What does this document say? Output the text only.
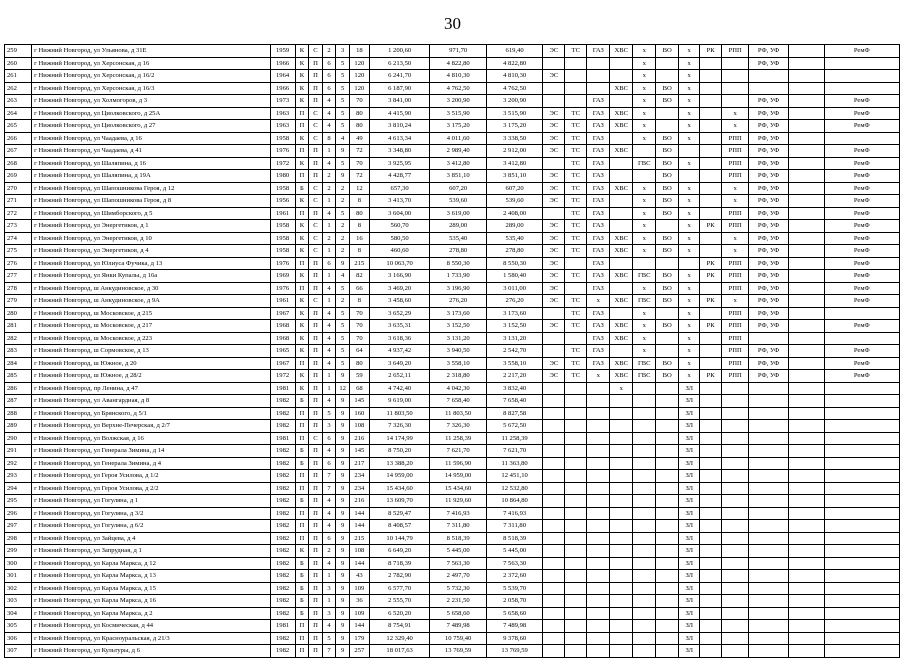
30
259	г Нижний Новгород, ул Ульянова, д 31Е	1959	К	С	2	3	18	1 200,60	971,70	619,40	ЭС	ТС	ГАЗ	ХВС	х	ВО	х	РК	РПП	РФ, УФ		РемФ
260	г Нижний Новгород, ул Херсонская, д 16	1966	К	П	6	5	120	6 213,50	4 822,80	4 822,80					х		х			РФ, УФ		
261	г Нижний Новгород, ул Херсонская, д 16/2	1964	К	П	6	5	120	6 241,70	4 810,30	4 810,30	ЭС				х		х					
262	г Нижний Новгород, ул Херсонская, д 16/3	1966	К	П	6	5	120	6 187,90	4 762,50	4 762,50				ХВС	х	ВО	х					
263	г Нижний Новгород, ул Холмогоров, д 3	1973	К	П	4	5	70	3 841,00	3 200,90	3 200,90			ГАЗ		х	ВО	х			РФ, УФ		РемФ
264	г Нижний Новгород, ул Циолковского, д 25А	1963	П	С	4	5	80	4 415,90	3 515,90	3 515,90	ЭС	ТС	ГАЗ	ХВС	х		х		х	РФ, УФ		РемФ
265	г Нижний Новгород, ул Циолковского, д 27	1963	П	С	4	5	80	3 810,24	3 175,20	3 175,20	ЭС	ТС	ГАЗ	ХВС	х		х		х	РФ, УФ		РемФ
266	г Нижний Новгород, ул Чаадаева, д 16	1958	К	С	8	4	49	4 613,34	4 011,60	3 338,50	ЭС	ТС	ГАЗ		х	ВО	х		РПП	РФ, УФ		
267	г Нижний Новгород, ул Чаадаева, д 41	1976	П	П	1	9	72	3 348,80	2 989,40	2 912,00	ЭС	ТС	ГАЗ	ХВС		ВО			РПП	РФ, УФ		РемФ
268	г Нижний Новгород, ул Шаляпина, д 16	1972	К	П	4	5	70	3 925,95	3 412,80	3 412,80		ТС	ГАЗ		ГВС	ВО	х		РПП	РФ, УФ		РемФ
269	г Нижний Новгород, ул Шаляпина, д 19А	1980	П	П	2	9	72	4 428,77	3 851,10	3 851,10	ЭС	ТС	ГАЗ			ВО			РПП	РФ, УФ		РемФ
270	г Нижний Новгород, ул Шапошникова Героя, д 12	1958	Б	С	2	2	12	657,30	607,20	607,20	ЭС	ТС	ГАЗ	ХВС	х	ВО	х		х	РФ, УФ		РемФ
271	г Нижний Новгород, ул Шапошникова Героя, д 8	1956	К	С	1	2	8	3 413,70	539,60	539,60	ЭС	ТС	ГАЗ		х	ВО	х		х	РФ, УФ		РемФ
272	г Нижний Новгород, ул Шимборского, д 5	1961	П	П	4	5	80	3 604,00	3 619,00	2 408,00		ТС	ГАЗ		х	ВО	х		РПП	РФ, УФ		РемФ
273	г Нижний Новгород, ул Энергетиков, д 1	1958	К	С	1	2	8	560,70	289,00	289,00	ЭС	ТС	ГАЗ		х		х	РК	РПП	РФ, УФ		РемФ
274	г Нижний Новгород, ул Энергетиков, д 10	1958	К	С	2	2	16	580,50	535,40	535,40	ЭС	ТС	ГАЗ	ХВС	х	ВО	х		х	РФ, УФ		РемФ
275	г Нижний Новгород, ул Энергетиков, д 4	1958	К	С	1	2	8	460,60	278,80	278,80	ЭС	ТС	ГАЗ	ХВС	х	ВО	х		х	РФ, УФ		РемФ
276	г Нижний Новгород, ул Юлиуса Фучика, д 13	1976	П	П	6	9	215	10 063,70	8 550,30	8 550,30	ЭС		ГАЗ					РК	РПП	РФ, УФ		РемФ
277	г Нижний Новгород, ул Янки Купалы, д 16а	1969	К	П	1	4	82	3 166,90	1 733,90	1 580,40	ЭС	ТС	ГАЗ	ХВС	ГВС	ВО	х	РК	РПП	РФ, УФ		РемФ
278	г Нижний Новгород, ш Анкудиновское, д 30	1976	П	П	4	5	66	3 469,20	3 196,90	3 011,00	ЭС		ГАЗ		х	ВО	х		РПП	РФ, УФ		РемФ
279	г Нижний Новгород, ш Анкудиновское, д 9А	1961	К	С	1	2	8	3 458,60	276,20	276,20	ЭС	ТС	х	ХВС	ГВС	ВО	х	РК	х	РФ, УФ		РемФ
280	г Нижний Новгород, ш Московское, д 215	1967	К	П	4	5	70	3 652,29	3 173,60	3 173,60		ТС	ГАЗ		х		х		РПП	РФ, УФ		
281	г Нижний Новгород, ш Московское, д 217	1968	К	П	4	5	70	3 635,31	3 152,50	3 152,50	ЭС	ТС	ГАЗ	ХВС	х	ВО	х	РК	РПП	РФ, УФ		РемФ
282	г Нижний Новгород, ш Московское, д 223	1968	К	П	4	5	70	3 618,36	3 131,20	3 131,20			ГАЗ	ХВС	х		х		РПП			
283	г Нижний Новгород, ш Сормовское, д 13	1965	К	П	4	5	64	4 937,42	3 940,50	2 542,70		ТС	ГАЗ		х		х		РПП	РФ, УФ		РемФ
284	г Нижний Новгород, ш Южное, д 20	1967	П	П	4	5	80	3 649,20	3 558,10	3 558,10	ЭС	ТС	ГАЗ	ХВС	ГВС	ВО	х		РПП	РФ, УФ		РемФ
285	г Нижний Новгород, ш Южное, д 28/2	1972	К	П	1	9	59	2 652,11	2 318,80	2 217,20	ЭС	ТС	х	ХВС	ГВС	ВО	х	РК	РПП	РФ, УФ		РемФ
286	г Нижний Новгород, пр Ленина, д 47	1981	К	П	1	12	68	4 742,40	4 042,30	3 832,40				х			ЗЛ					
287	г Нижний Новгород, ул Авангардная, д 8	1982	Б	П	4	9	145	9 619,00	7 658,40	7 658,40							ЗЛ					
288	г Нижний Новгород, ул Брянского, д 5/1	1982	П	П	5	9	160	11 803,50	11 803,50	8 827,58							ЗЛ					
289	г Нижний Новгород, ул Верхне-Печерская, д 2/7	1982	П	П	3	9	108	7 326,30	7 326,30	5 672,50							ЗЛ					
290	г Нижний Новгород, ул Волжская, д 16	1981	П	С	6	9	216	14 174,99	11 258,39	11 258,39							ЗЛ					
291	г Нижний Новгород, ул Генерала Зимина, д 14	1982	Б	П	4	9	145	8 750,20	7 621,70	7 621,70							ЗЛ					
292	г Нижний Новгород, ул Генерала Зимина, д 4	1982	Б	П	6	9	217	13 388,20	11 596,90	11 363,80							ЗЛ					
293	г Нижний Новгород, ул Героя Усилова, д 1/2	1982	П	П	7	9	234	14 959,00	14 959,00	12 451,10							ЗЛ					
294	г Нижний Новгород, ул Героя Усилова, д 2/2	1982	П	П	7	9	234	15 434,60	15 434,60	12 532,80							ЗЛ					
295	г Нижний Новгород, ул Гогуляна, д 1	1982	Б	П	4	9	216	13 609,70	11 929,60	10 864,80							ЗЛ					
296	г Нижний Новгород, ул Гогуляна, д 3/2	1982	П	П	4	9	144	8 529,47	7 416,93	7 416,93							ЗЛ					
297	г Нижний Новгород, ул Гогуляна, д 6/2	1982	П	П	4	9	144	8 408,57	7 311,80	7 311,80							ЗЛ					
298	г Нижний Новгород, ул Зайцева, д 4	1982	П	П	6	9	215	10 144,79	8 518,39	8 518,39							ЗЛ					
299	г Нижний Новгород, ул Запрудная, д 1	1982	К	П	2	9	108	6 649,20	5 445,00	5 445,00							ЗЛ					
300	г Нижний Новгород, ул Карла Маркса, д 12	1982	Б	П	4	9	144	8 718,39	7 563,30	7 563,30							ЗЛ					
301	г Нижний Новгород, ул Карла Маркса, д 13	1982	Б	П	1	9	43	2 782,90	2 497,70	2 372,60							ЗЛ					
302	г Нижний Новгород, ул Карла Маркса, д 15	1982	Б	П	3	9	109	6 577,70	5 732,30	5 539,70							ЗЛ					
303	г Нижний Новгород, ул Карла Маркса, д 16	1982	Б	П	1	9	36	2 555,70	2 231,50	2 058,70							ЗЛ					
304	г Нижний Новгород, ул Карла Маркса, д 2	1982	Б	П	3	9	109	6 520,20	5 658,60	5 658,60							ЗЛ					
305	г Нижний Новгород, ул Космическая, д 44	1981	П	П	4	9	144	8 754,91	7 489,98	7 489,98							ЗЛ					
306	г Нижний Новгород, ул Красноуральская, д 21/3	1982	П	П	5	9	179	12 329,40	10 759,40	9 378,60							ЗЛ					
307	г Нижний Новгород, ул Культуры, д 6	1982	П	П	7	9	257	18 017,63	13 769,59	13 769,59							ЗЛ					
